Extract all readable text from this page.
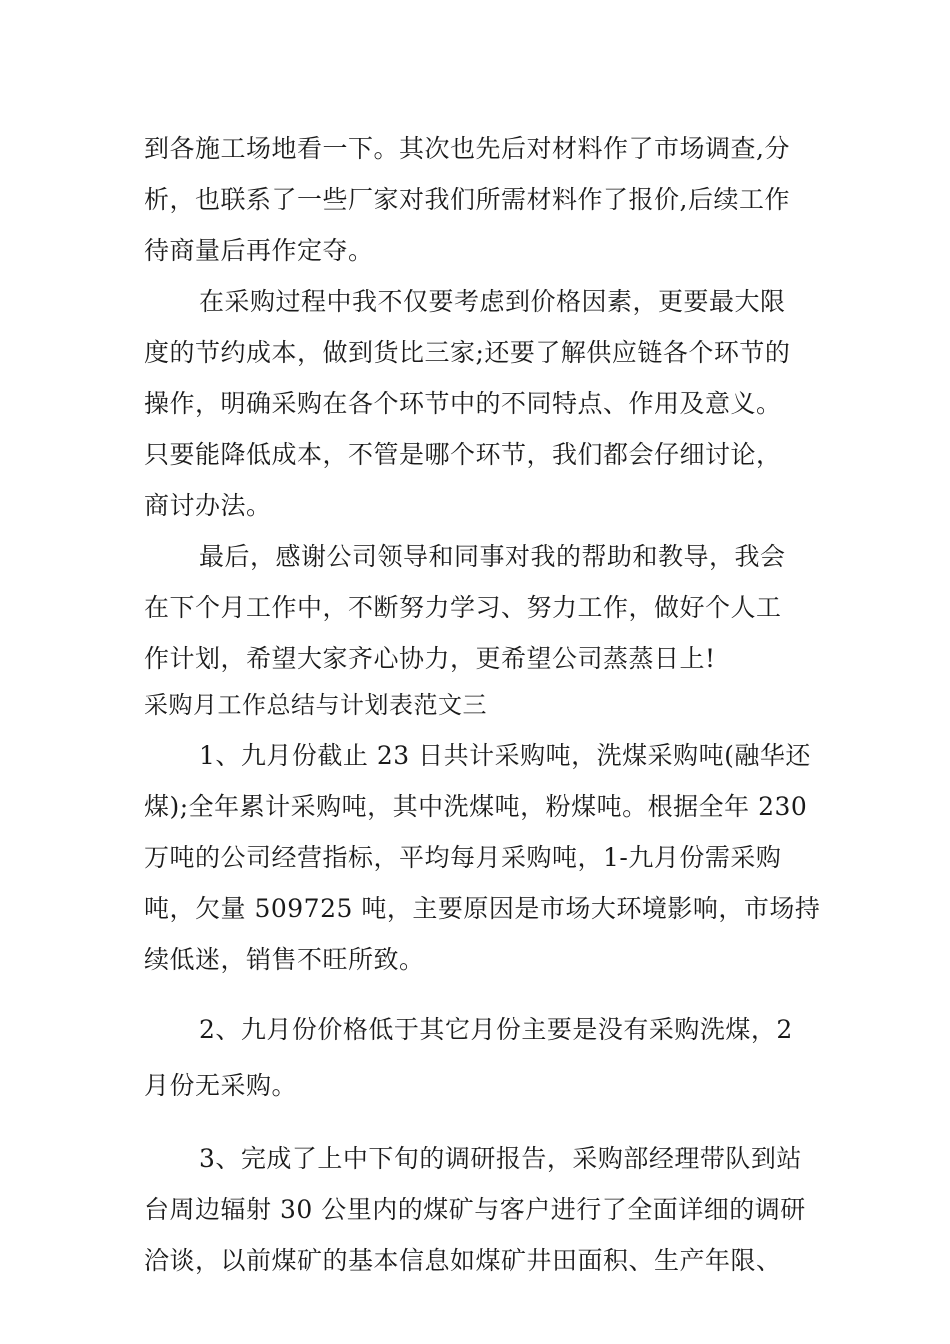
到各施工场地看一下。其次也先后对材料作了市场调查,分
析，也联系了一些厂家对我们所需材料作了报价,后续工作
待商量后再作定夺。
在采购过程中我不仅要考虑到价格因素，更要最大限
度的节约成本，做到货比三家;还要了解供应链各个环节的
操作，明确采购在各个环节中的不同特点、作用及意义。
只要能降低成本，不管是哪个环节，我们都会仔细讨论，
商讨办法。
最后，感谢公司领导和同事对我的帮助和教导，我会
在下个月工作中，不断努力学习、努力工作，做好个人工
作计划，希望大家齐心协力，更希望公司蒸蒸日上!
采购月工作总结与计划表范文三
1、九月份截止 23 日共计采购吨，洗煤采购吨(融华还
煤);全年累计采购吨，其中洗煤吨，粉煤吨。根据全年 230
万吨的公司经营指标，平均每月采购吨，1-九月份需采购
吨，欠量 509725 吨，主要原因是市场大环境影响，市场持
续低迷，销售不旺所致。
2、九月份价格低于其它月份主要是没有采购洗煤，2
月份无采购。
3、完成了上中下旬的调研报告，采购部经理带队到站
台周边辐射 30 公里内的煤矿与客户进行了全面详细的调研
洽谈，以前煤矿的基本信息如煤矿井田面积、生产年限、
